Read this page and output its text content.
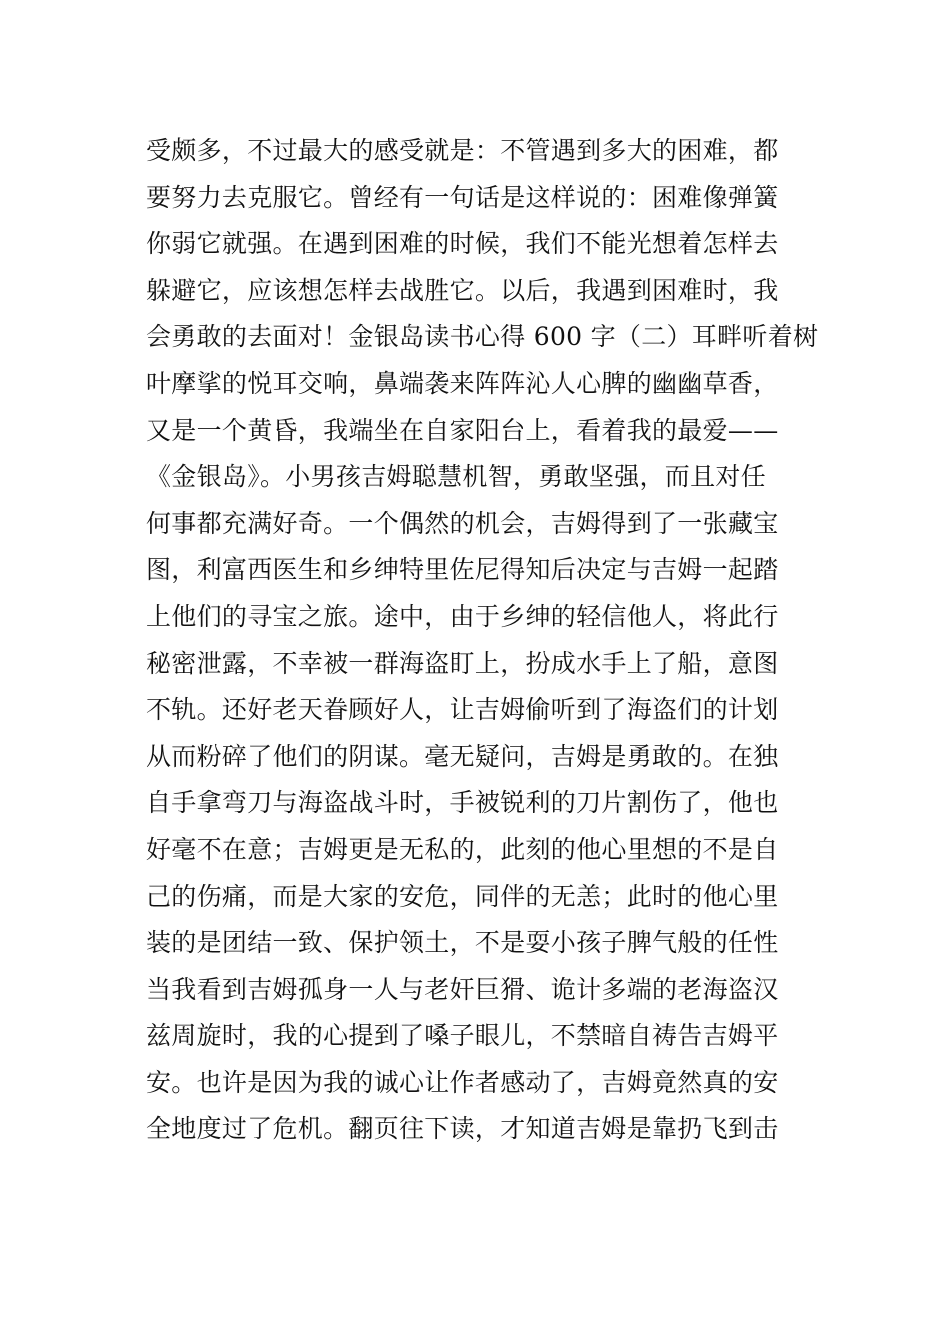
受颇多，不过最大的感受就是：不管遇到多大的困难，都
要努力去克服它。曾经有一句话是这样说的：困难像弹簧
你弱它就强。在遇到困难的时候，我们不能光想着怎样去
躲避它，应该想怎样去战胜它。以后，我遇到困难时，我
会勇敢的去面对！金银岛读书心得 600 字（二）耳畔听着树
叶摩挲的悦耳交响，鼻端袭来阵阵沁人心脾的幽幽草香，
又是一个黄昏，我端坐在自家阳台上，看着我的最爱——
《金银岛》。小男孩吉姆聪慧机智，勇敢坚强，而且对任
何事都充满好奇。一个偶然的机会，吉姆得到了一张藏宝
图，利富西医生和乡绅特里佐尼得知后决定与吉姆一起踏
上他们的寻宝之旅。途中，由于乡绅的轻信他人，将此行
秘密泄露，不幸被一群海盗盯上，扮成水手上了船，意图
不轨。还好老天眷顾好人，让吉姆偷听到了海盗们的计划
从而粉碎了他们的阴谋。毫无疑问，吉姆是勇敢的。在独
自手拿弯刀与海盗战斗时，手被锐利的刀片割伤了，他也
好毫不在意；吉姆更是无私的，此刻的他心里想的不是自
己的伤痛，而是大家的安危，同伴的无恙；此时的他心里
装的是团结一致、保护领土，不是耍小孩子脾气般的任性
当我看到吉姆孤身一人与老奸巨猾、诡计多端的老海盗汉
兹周旋时，我的心提到了嗓子眼儿，不禁暗自祷告吉姆平
安。也许是因为我的诚心让作者感动了，吉姆竟然真的安
全地度过了危机。翻页往下读，才知道吉姆是靠扔飞到击
